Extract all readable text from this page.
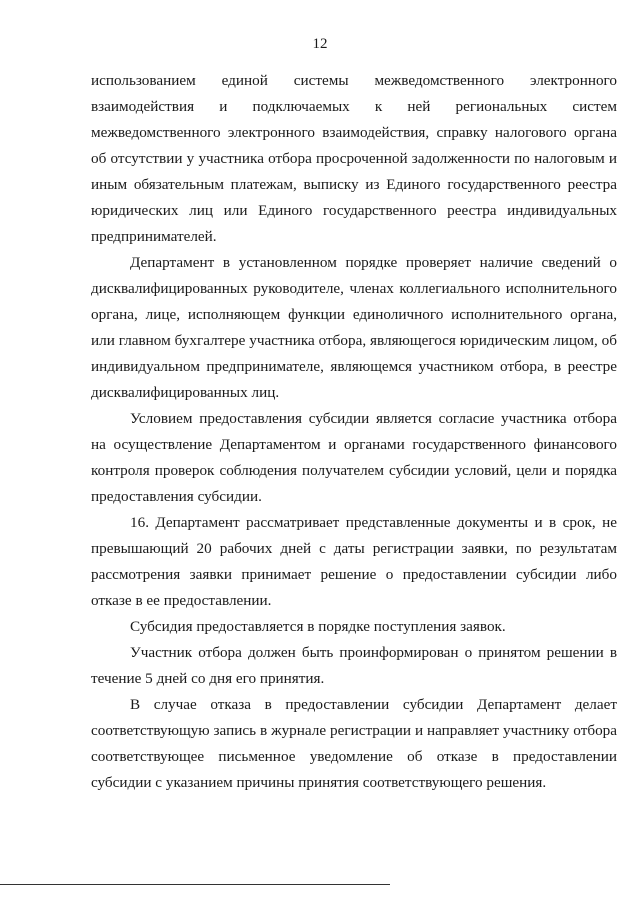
12

использованием единой системы межведомственного электронного взаимодействия и подключаемых к ней региональных систем межведомственного электронного взаимодействия, справку налогового органа об отсутствии у участника отбора просроченной задолженности по налоговым и иным обязательным платежам, выписку из Единого государственного реестра юридических лиц или Единого государственного реестра индивидуальных предпринимателей.

Департамент в установленном порядке проверяет наличие сведений о дисквалифицированных руководителе, членах коллегиального исполнительного органа, лице, исполняющем функции единоличного исполнительного органа, или главном бухгалтере участника отбора, являющегося юридическим лицом, об индивидуальном предпринимателе, являющемся участником отбора, в реестре дисквалифицированных лиц.

Условием предоставления субсидии является согласие участника отбора на осуществление Департаментом и органами государственного финансового контроля проверок соблюдения получателем субсидии условий, цели и порядка предоставления субсидии.

16. Департамент рассматривает представленные документы и в срок, не превышающий 20 рабочих дней с даты регистрации заявки, по результатам рассмотрения заявки принимает решение о предоставлении субсидии либо отказе в ее предоставлении.

Субсидия предоставляется в порядке поступления заявок.

Участник отбора должен быть проинформирован о принятом решении в течение 5 дней со дня его принятия.

В случае отказа в предоставлении субсидии Департамент делает соответствующую запись в журнале регистрации и направляет участнику отбора соответствующее письменное уведомление об отказе в предоставлении субсидии с указанием причины принятия соответствующего решения.
